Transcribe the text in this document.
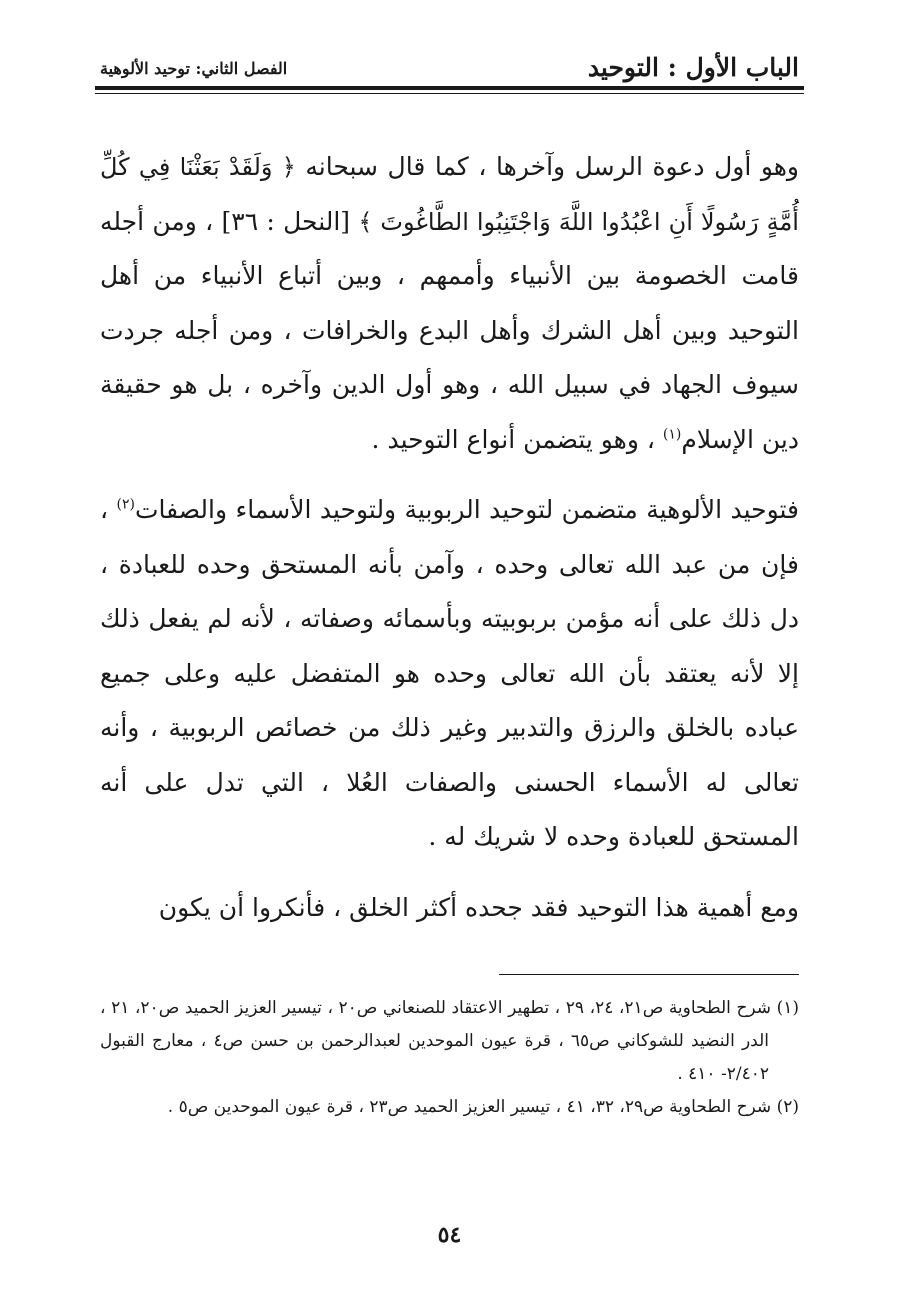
الباب الأول : التوحيد
الفصل الثاني: توحيد الألوهية

وهو أول دعوة الرسل وآخرها ، كما قال سبحانه ﴿ وَلَقَدْ بَعَثْنَا فِي كُلِّ أُمَّةٍ رَسُولًا أَنِ اعْبُدُوا اللَّهَ وَاجْتَنِبُوا الطَّاغُوتَ ﴾ [النحل : ٣٦] ، ومن أجله قامت الخصومة بين الأنبياء وأممهم ، وبين أتباع الأنبياء من أهل التوحيد وبين أهل الشرك وأهل البدع والخرافات ، ومن أجله جردت سيوف الجهاد في سبيل الله ، وهو أول الدين وآخره ، بل هو حقيقة دين الإسلام$^{(١)}$ ، وهو يتضمن أنواع التوحيد .

فتوحيد الألوهية متضمن لتوحيد الربوبية ولتوحيد الأسماء والصفات$^{(٢)}$ ، فإن من عبد الله تعالى وحده ، وآمن بأنه المستحق وحده للعبادة ، دل ذلك على أنه مؤمن بربوبيته وبأسمائه وصفاته ، لأنه لم يفعل ذلك إلا لأنه يعتقد بأن الله تعالى وحده هو المتفضل عليه وعلى جميع عباده بالخلق والرزق والتدبير وغير ذلك من خصائص الربوبية ، وأنه تعالى له الأسماء الحسنى والصفات العُلا ، التي تدل على أنه المستحق للعبادة وحده لا شريك له .

ومع أهمية هذا التوحيد فقد جحده أكثر الخلق ، فأنكروا أن يكون

(١) شرح الطحاوية ص٢١، ٢٤، ٢٩ ، تطهير الاعتقاد للصنعاني ص٢٠ ، تيسير العزيز الحميد ص٢٠، ٢١ ، الدر النضيد للشوكاني ص٦٥ ، قرة عيون الموحدين لعبدالرحمن بن حسن ص٤ ، معارج القبول ٢/٤٠٢- ٤١٠ .

(٢) شرح الطحاوية ص٢٩، ٣٢، ٤١ ، تيسير العزيز الحميد ص٢٣ ، قرة عيون الموحدين ص٥ .

٥٤
